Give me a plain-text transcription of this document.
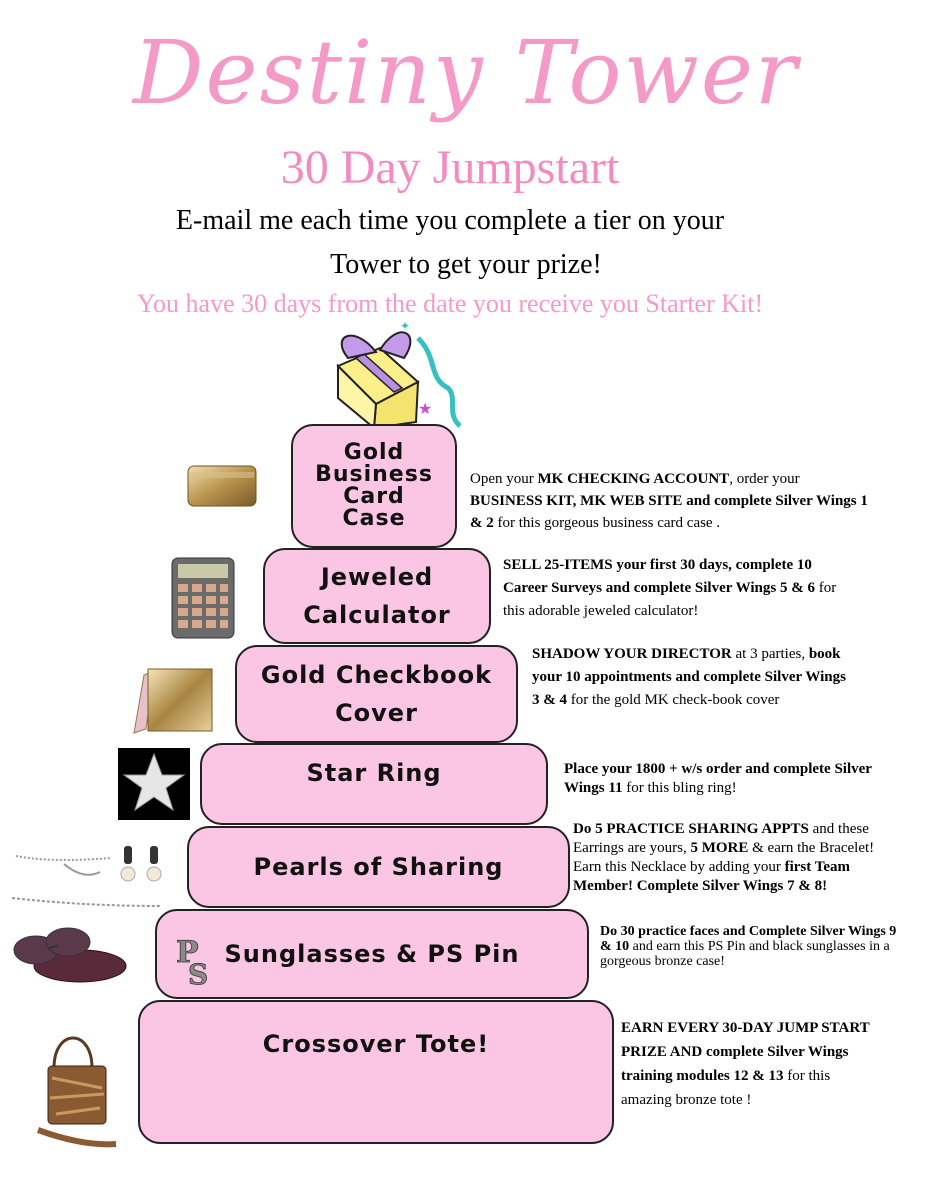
Destiny Tower
30 Day Jumpstart
E-mail me each time you complete a tier on your
Tower to get your prize!
You have 30 days from the date you receive you Starter Kit!
★
✦
Gold
Business
Card
Case
Open your MK CHECKING ACCOUNT, order your
BUSINESS KIT, MK WEB SITE and complete Silver Wings 1 & 2 for this gorgeous business card case .
Jeweled
Calculator
SELL 25-ITEMS your first 30 days, complete 10 Career Surveys and complete Silver Wings 5 & 6 for this adorable jeweled calculator!
Gold Checkbook
Cover
SHADOW YOUR DIRECTOR at 3 parties, book your 10 appointments and complete Silver Wings 3 & 4 for the gold MK check-book cover
Star Ring	Place your 1800 + w/s order and complete Silver Wings 11 for this bling ring!
Pearls of Sharing
Do 5 PRACTICE SHARING APPTS and these Earrings are yours, 5 MORE & earn the Bracelet! Earn this Necklace by adding your first Team Member! Complete Silver Wings 7 & 8!
Sunglasses & PS Pin
P
S
Do 30 practice faces and Complete Silver Wings 9 & 10 and earn this PS Pin and black sunglasses in a gorgeous bronze case!
Crossover Tote!
EARN EVERY 30-DAY JUMP START PRIZE AND complete Silver Wings training modules 12 & 13 for this amazing bronze tote !
